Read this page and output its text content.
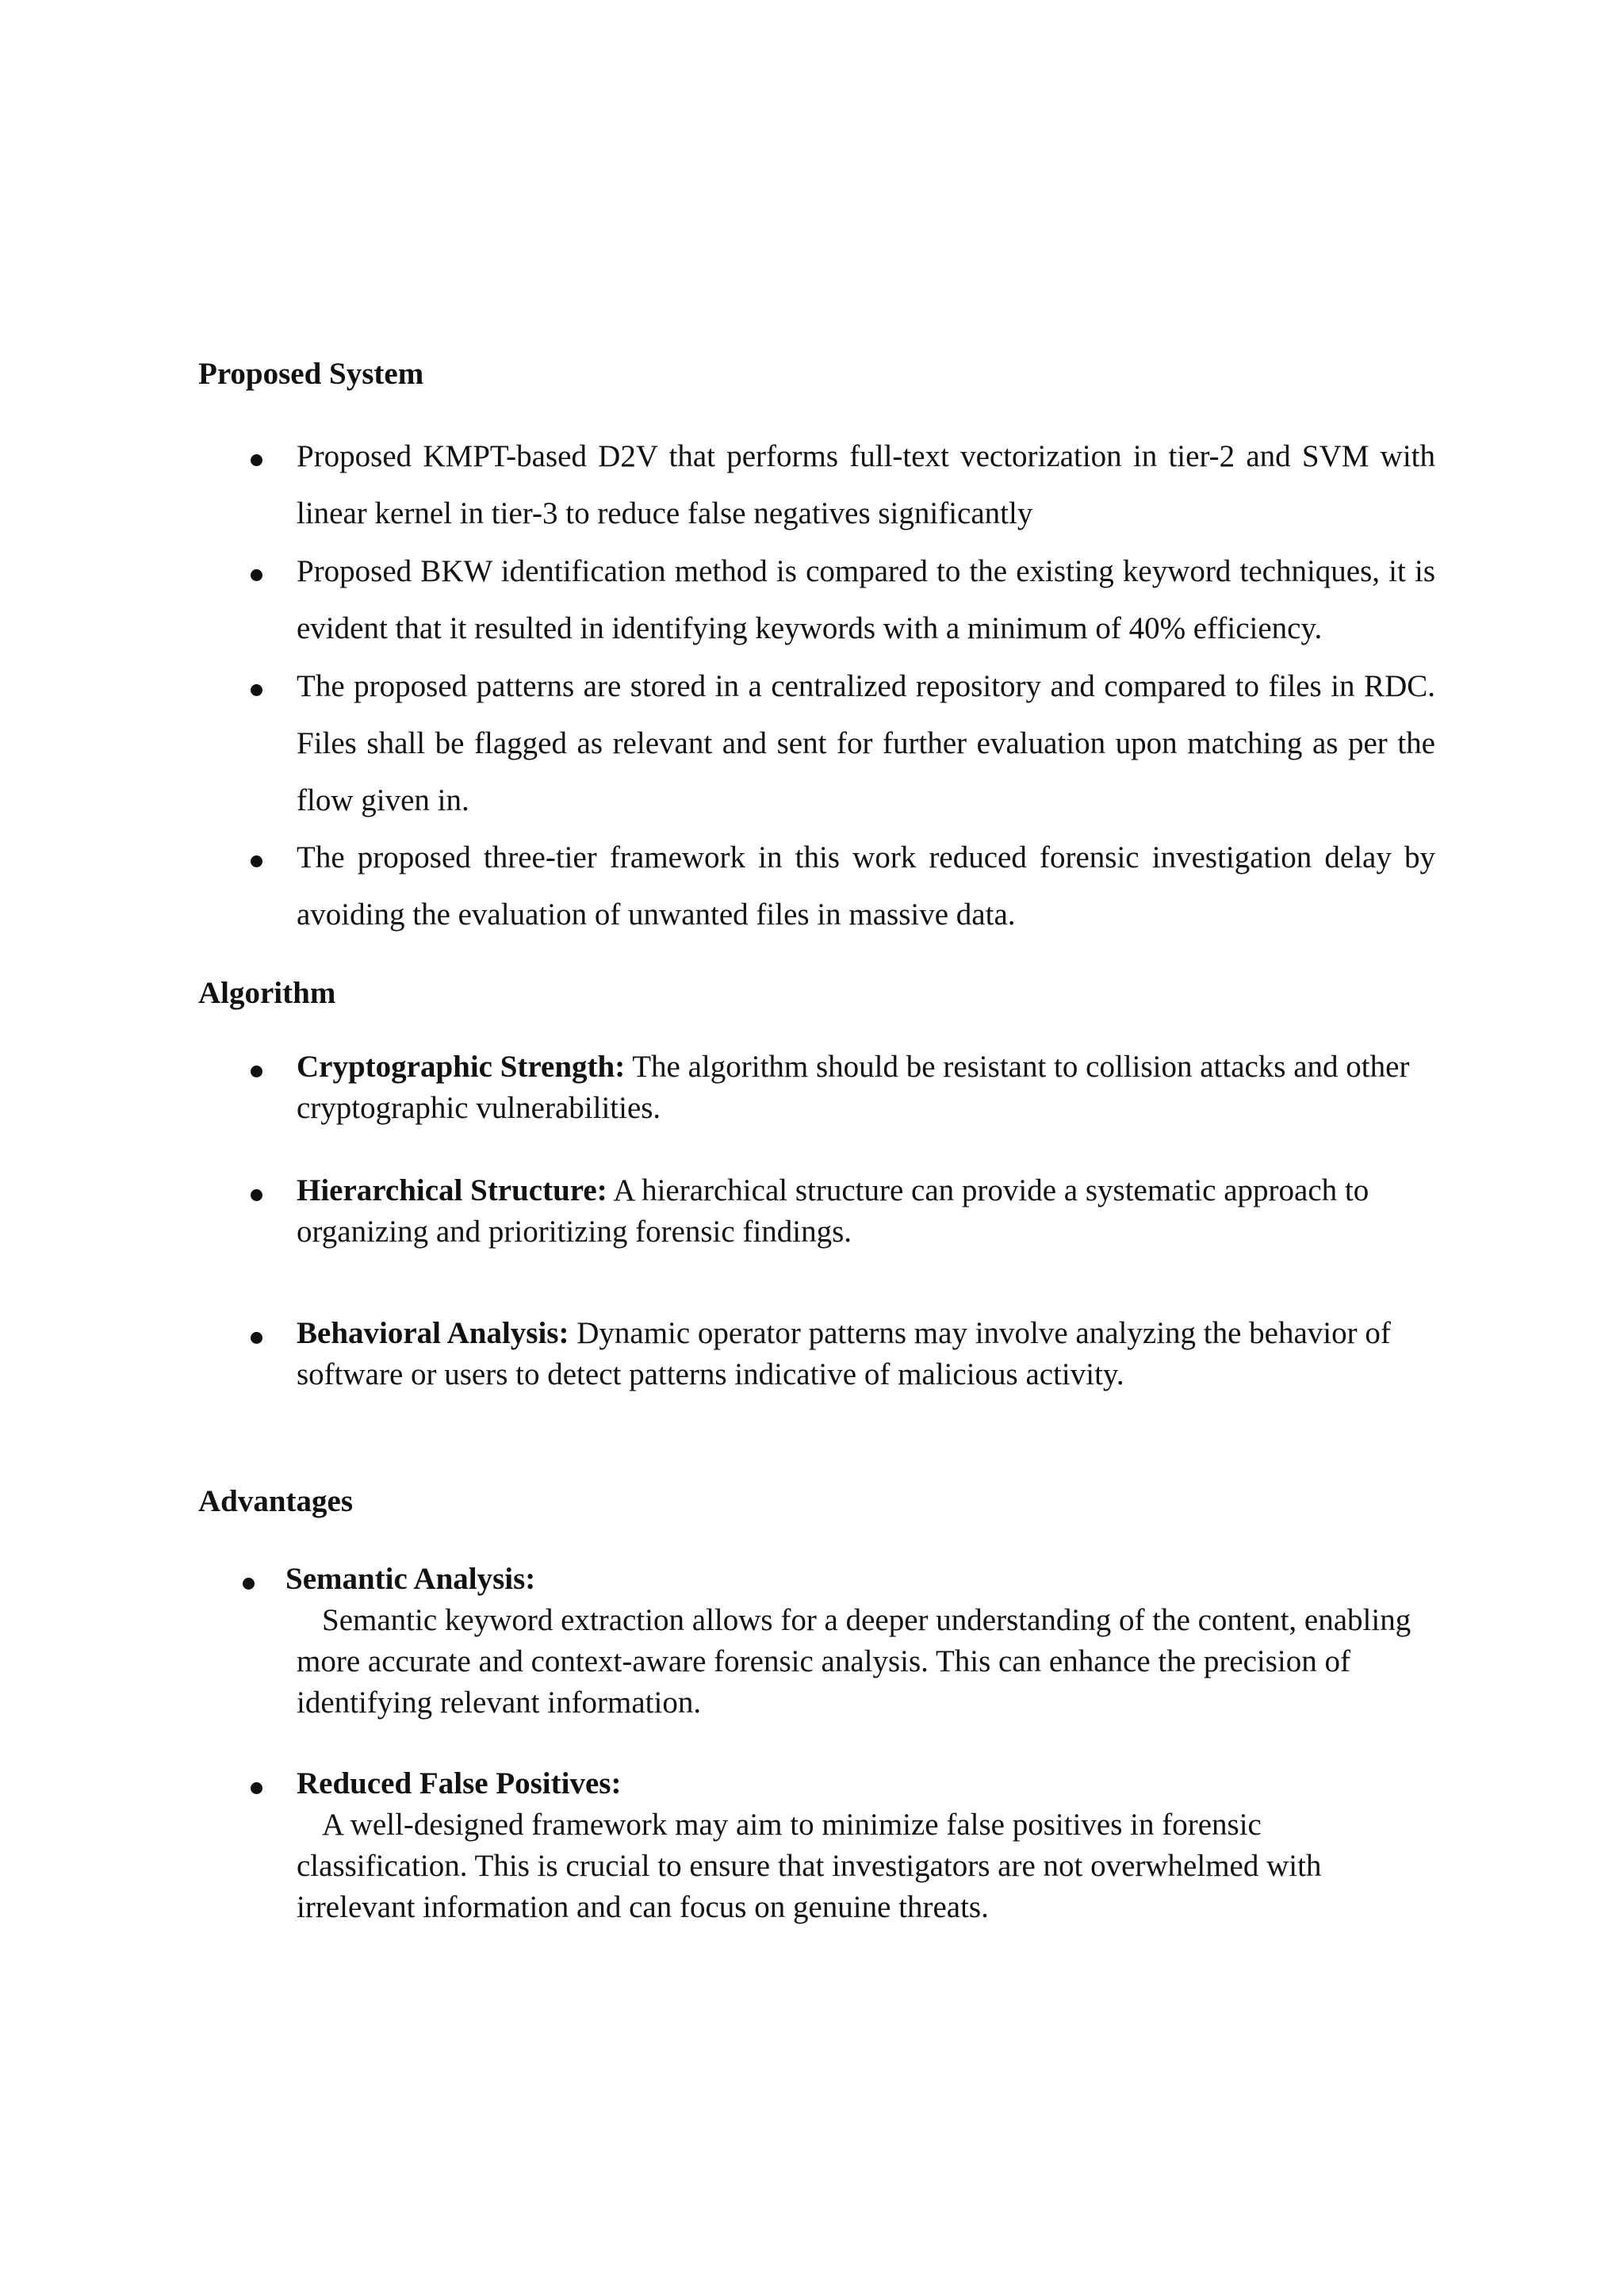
Proposed System

Proposed KMPT-based D2V that performs full-text vectorization in tier-2 and SVM with linear kernel in tier-3 to reduce false negatives significantly

Proposed BKW identification method is compared to the existing keyword techniques, it is evident that it resulted in identifying keywords with a minimum of 40% efficiency.

The proposed patterns are stored in a centralized repository and compared to files in RDC. Files shall be flagged as relevant and sent for further evaluation upon matching as per the flow given in.

The proposed three-tier framework in this work reduced forensic investigation delay by avoiding the evaluation of unwanted files in massive data.

Algorithm

Cryptographic Strength: The algorithm should be resistant to collision attacks and other cryptographic vulnerabilities.

Hierarchical Structure: A hierarchical structure can provide a systematic approach to organizing and prioritizing forensic findings.

Behavioral Analysis: Dynamic operator patterns may involve analyzing the behavior of software or users to detect patterns indicative of malicious activity.

Advantages

Semantic Analysis:
Semantic keyword extraction allows for a deeper understanding of the content, enabling more accurate and context-aware forensic analysis. This can enhance the precision of identifying relevant information.

Reduced False Positives:
A well-designed framework may aim to minimize false positives in forensic classification. This is crucial to ensure that investigators are not overwhelmed with irrelevant information and can focus on genuine threats.
